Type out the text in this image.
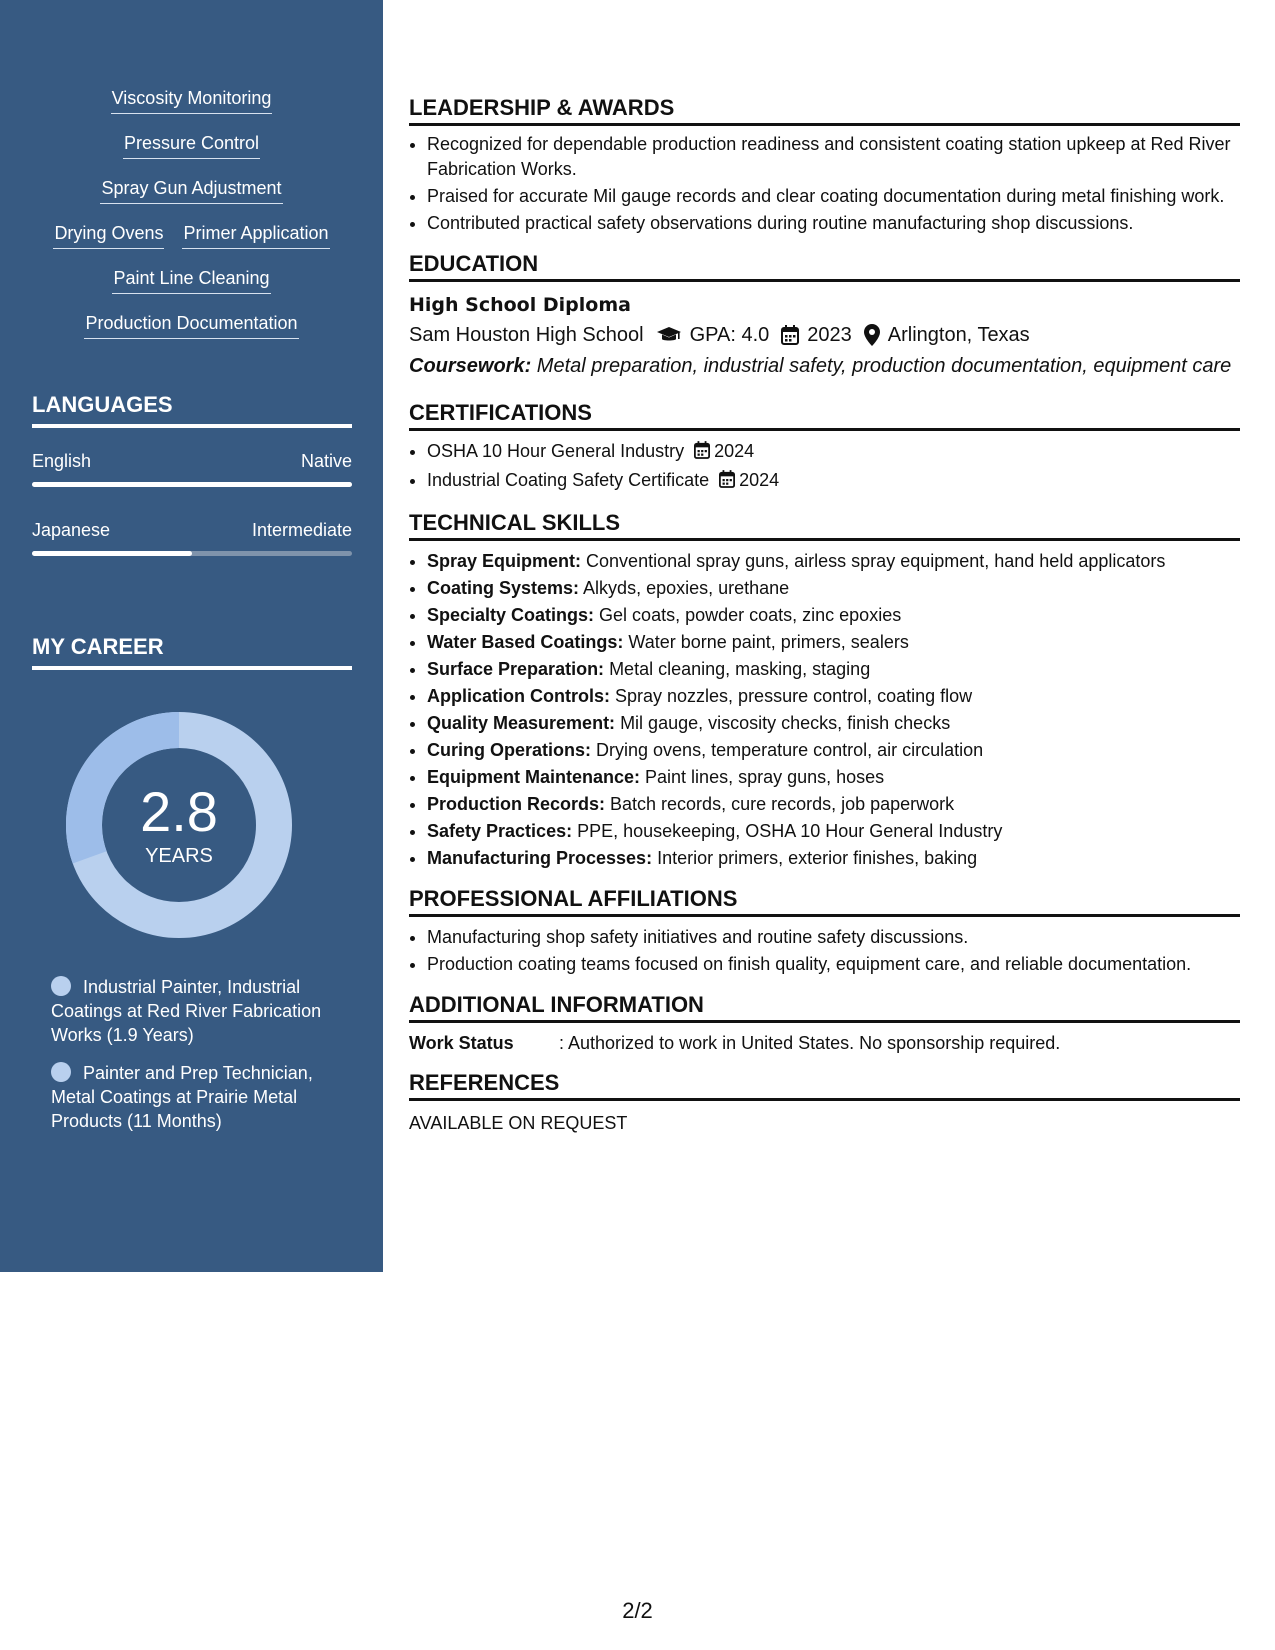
Viscosity Monitoring
Pressure Control
Spray Gun Adjustment
Drying Ovens Primer Application
Paint Line Cleaning
Production Documentation
LANGUAGES
English	Native
Japanese	Intermediate
MY CAREER
2.8
YEARS
Industrial Painter, Industrial Coatings at Red River Fabrication Works (1.9 Years)
Painter and Prep Technician, Metal Coatings at Prairie Metal Products (11 Months)
LEADERSHIP & AWARDS
• Recognized for dependable production readiness and consistent coating station upkeep at Red River Fabrication Works.
• Praised for accurate Mil gauge records and clear coating documentation during metal finishing work.
• Contributed practical safety observations during routine manufacturing shop discussions.
EDUCATION
High School Diploma
Sam Houston High School GPA: 4.0 2023 Arlington, Texas
Coursework: Metal preparation, industrial safety, production documentation, equipment care
CERTIFICATIONS
• OSHA 10 Hour General Industry 2024
• Industrial Coating Safety Certificate 2024
TECHNICAL SKILLS
• Spray Equipment: Conventional spray guns, airless spray equipment, hand held applicators
• Coating Systems: Alkyds, epoxies, urethane
• Specialty Coatings: Gel coats, powder coats, zinc epoxies
• Water Based Coatings: Water borne paint, primers, sealers
• Surface Preparation: Metal cleaning, masking, staging
• Application Controls: Spray nozzles, pressure control, coating flow
• Quality Measurement: Mil gauge, viscosity checks, finish checks
• Curing Operations: Drying ovens, temperature control, air circulation
• Equipment Maintenance: Paint lines, spray guns, hoses
• Production Records: Batch records, cure records, job paperwork
• Safety Practices: PPE, housekeeping, OSHA 10 Hour General Industry
• Manufacturing Processes: Interior primers, exterior finishes, baking
PROFESSIONAL AFFILIATIONS
• Manufacturing shop safety initiatives and routine safety discussions.
• Production coating teams focused on finish quality, equipment care, and reliable documentation.
ADDITIONAL INFORMATION
Work Status	: Authorized to work in United States. No sponsorship required.
REFERENCES
AVAILABLE ON REQUEST
2/2
